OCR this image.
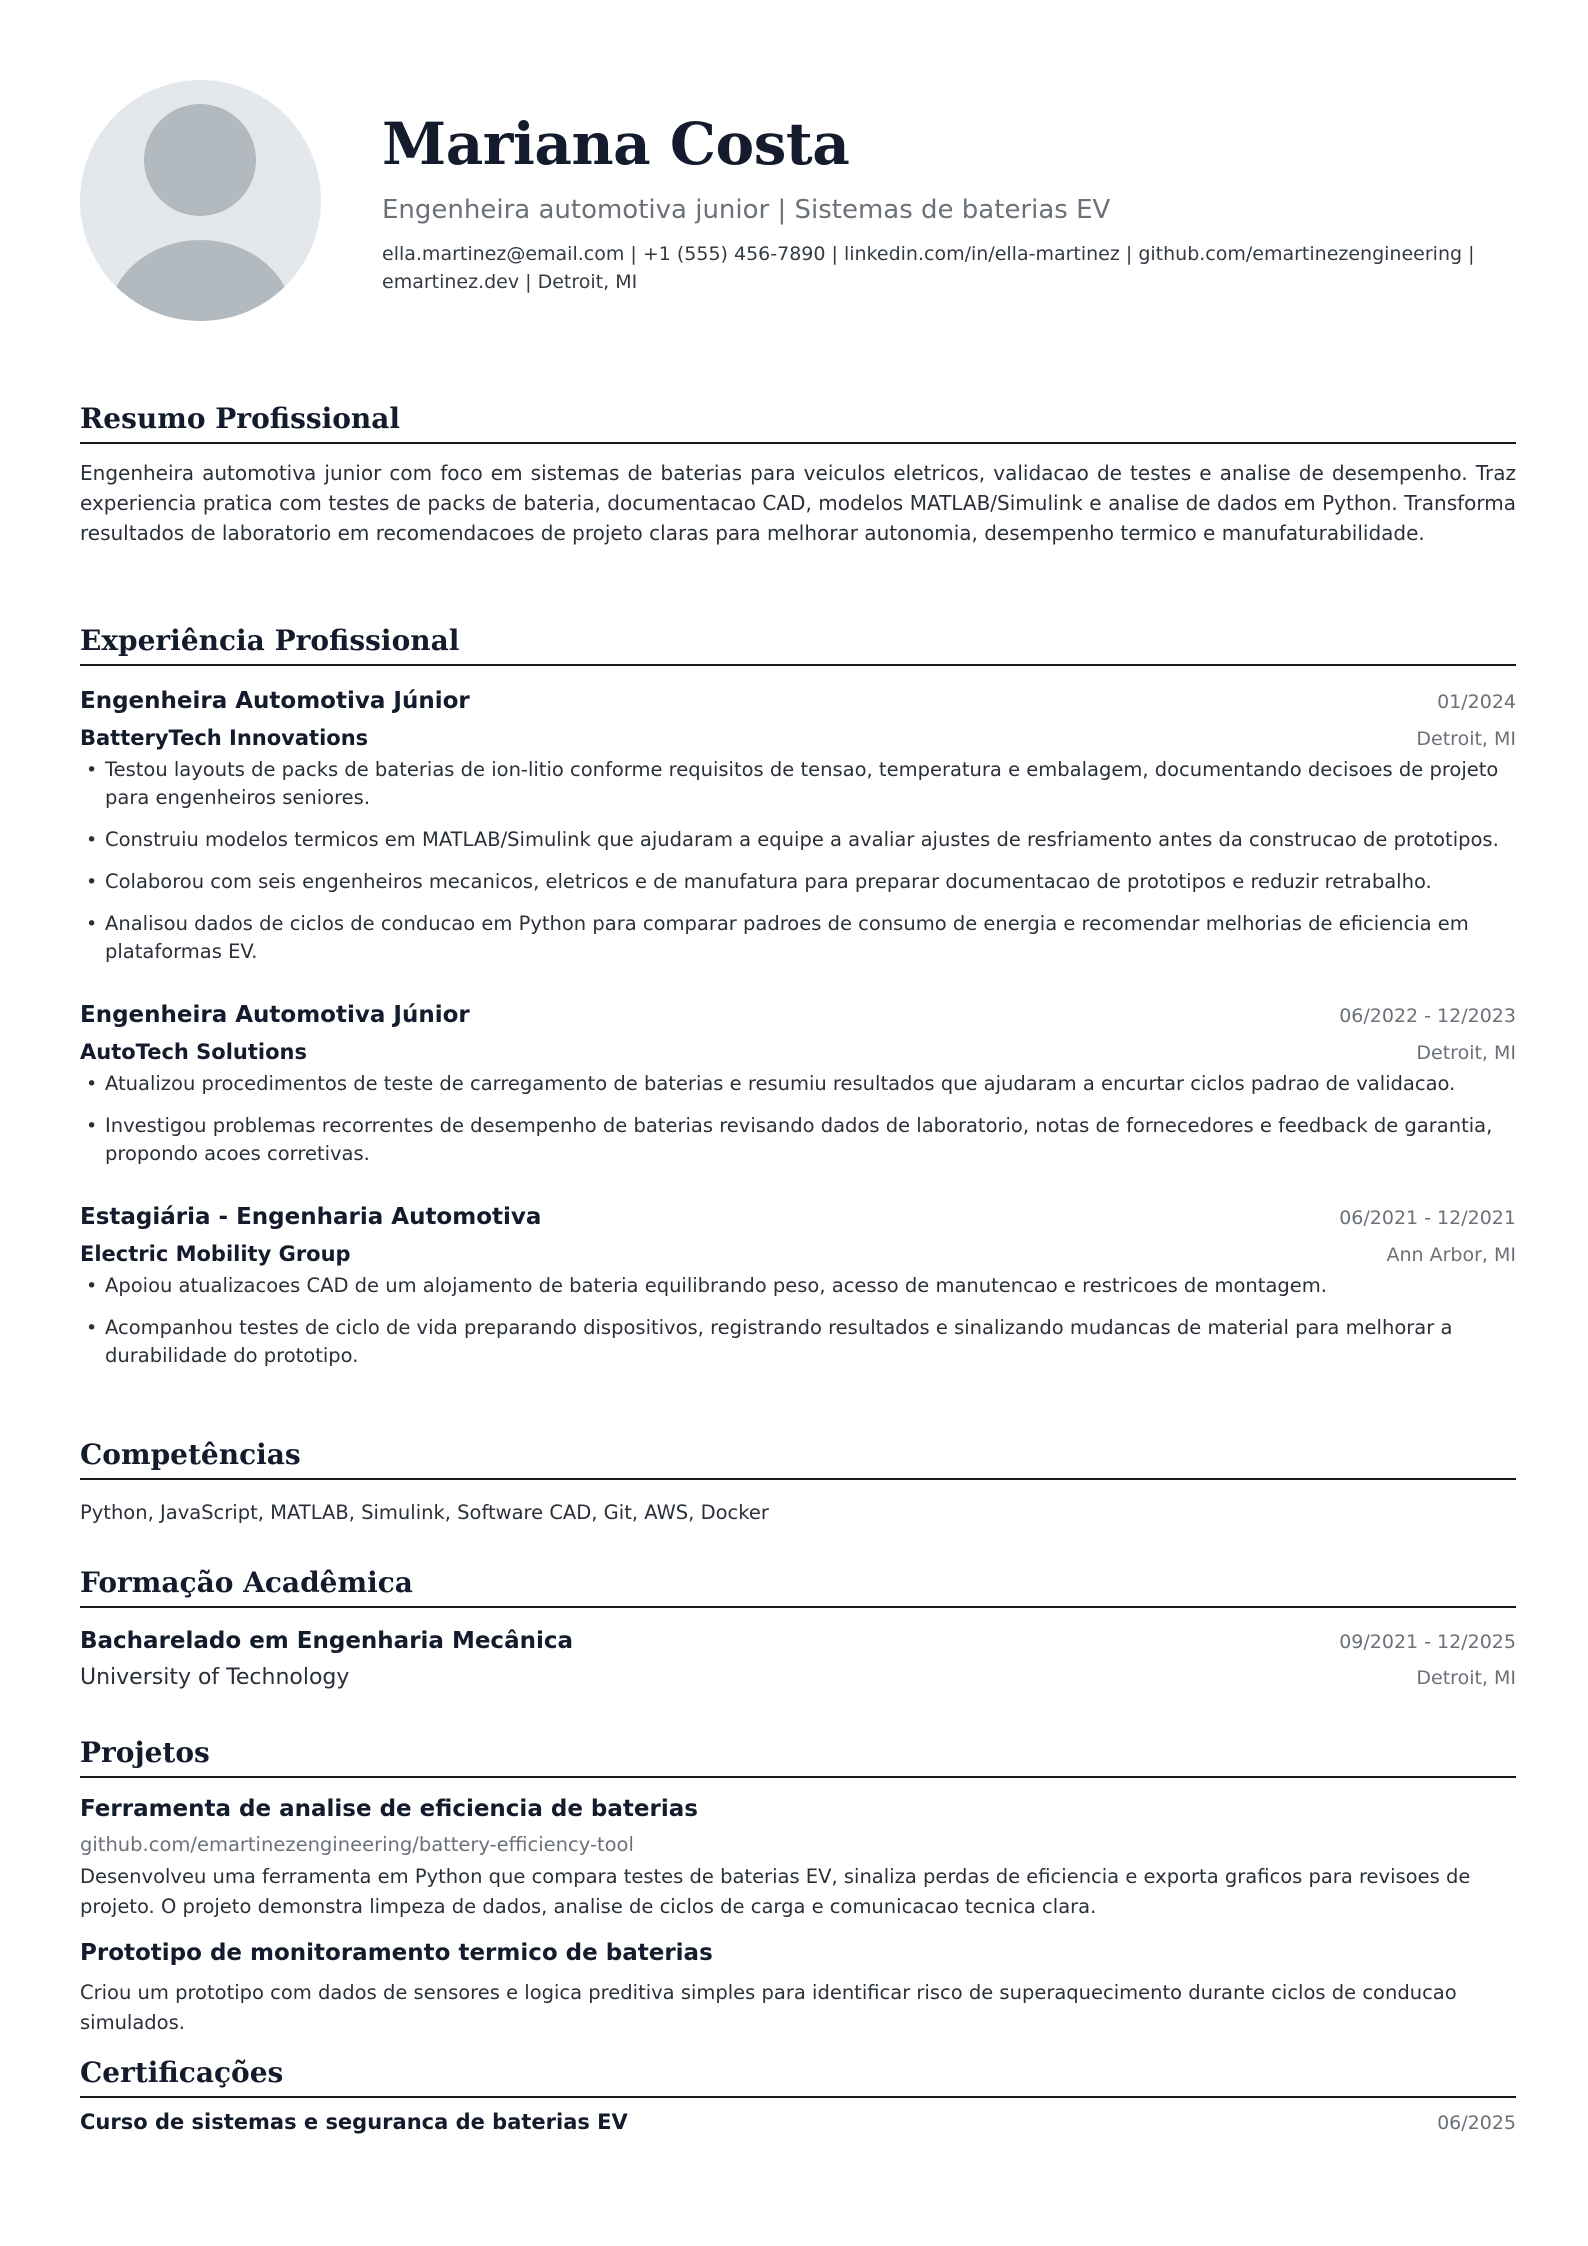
Mariana Costa
Engenheira automotiva junior | Sistemas de baterias EV
ella.martinez@email.com | +1 (555) 456-7890 | linkedin.com/in/ella-martinez | github.com/emartinezengineering | emartinez.dev | Detroit, MI
Resumo Profissional
Engenheira automotiva junior com foco em sistemas de baterias para veiculos eletricos, validacao de testes e analise de desempenho. Traz experiencia pratica com testes de packs de bateria, documentacao CAD, modelos MATLAB/Simulink e analise de dados em Python. Transforma resultados de laboratorio em recomendacoes de projeto claras para melhorar autonomia, desempenho termico e manufaturabilidade.
Experiência Profissional
Engenheira Automotiva Júnior	01/2024
BatteryTech Innovations	Detroit, MI
• Testou layouts de packs de baterias de ion-litio conforme requisitos de tensao, temperatura e embalagem, documentando decisoes de projeto para engenheiros seniores.
• Construiu modelos termicos em MATLAB/Simulink que ajudaram a equipe a avaliar ajustes de resfriamento antes da construcao de prototipos.
• Colaborou com seis engenheiros mecanicos, eletricos e de manufatura para preparar documentacao de prototipos e reduzir retrabalho.
• Analisou dados de ciclos de conducao em Python para comparar padroes de consumo de energia e recomendar melhorias de eficiencia em plataformas EV.
Engenheira Automotiva Júnior	06/2022 - 12/2023
AutoTech Solutions	Detroit, MI
• Atualizou procedimentos de teste de carregamento de baterias e resumiu resultados que ajudaram a encurtar ciclos padrao de validacao.
• Investigou problemas recorrentes de desempenho de baterias revisando dados de laboratorio, notas de fornecedores e feedback de garantia, propondo acoes corretivas.
Estagiária - Engenharia Automotiva	06/2021 - 12/2021
Electric Mobility Group	Ann Arbor, MI
• Apoiou atualizacoes CAD de um alojamento de bateria equilibrando peso, acesso de manutencao e restricoes de montagem.
• Acompanhou testes de ciclo de vida preparando dispositivos, registrando resultados e sinalizando mudancas de material para melhorar a durabilidade do prototipo.
Competências
Python, JavaScript, MATLAB, Simulink, Software CAD, Git, AWS, Docker
Formação Acadêmica
Bacharelado em Engenharia Mecânica	09/2021 - 12/2025
University of Technology	Detroit, MI
Projetos
Ferramenta de analise de eficiencia de baterias
github.com/emartinezengineering/battery-efficiency-tool
Desenvolveu uma ferramenta em Python que compara testes de baterias EV, sinaliza perdas de eficiencia e exporta graficos para revisoes de projeto. O projeto demonstra limpeza de dados, analise de ciclos de carga e comunicacao tecnica clara.
Prototipo de monitoramento termico de baterias
Criou um prototipo com dados de sensores e logica preditiva simples para identificar risco de superaquecimento durante ciclos de conducao simulados.
Certificações
Curso de sistemas e seguranca de baterias EV	06/2025
